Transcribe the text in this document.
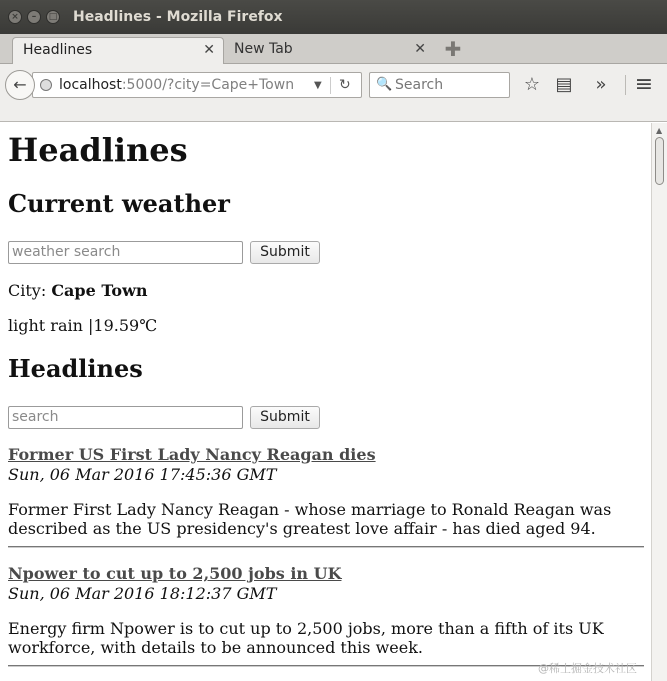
×	–	□ Headlines - Mozilla Firefox
Headlines	✕	New Tab	✕ ✚
localhost:5000/?city=Cape+Town ▼ ↻
←	🔍 Search	☆ ▤	» ≡
Headlines
Current weather
weather search	Submit
City: Cape Town
light rain |19.59℃
Headlines
search	Submit
Former US First Lady Nancy Reagan dies
Sun, 06 Mar 2016 17:45:36 GMT
Former First Lady Nancy Reagan - whose marriage to Ronald Reagan was described as the US presidency's greatest love affair - has died aged 94.
Npower to cut up to 2,500 jobs in UK
Sun, 06 Mar 2016 18:12:37 GMT
Energy firm Npower is to cut up to 2,500 jobs, more than a fifth of its UK workforce, with details to be announced this week.
▲
@稀土掘金技术社区
